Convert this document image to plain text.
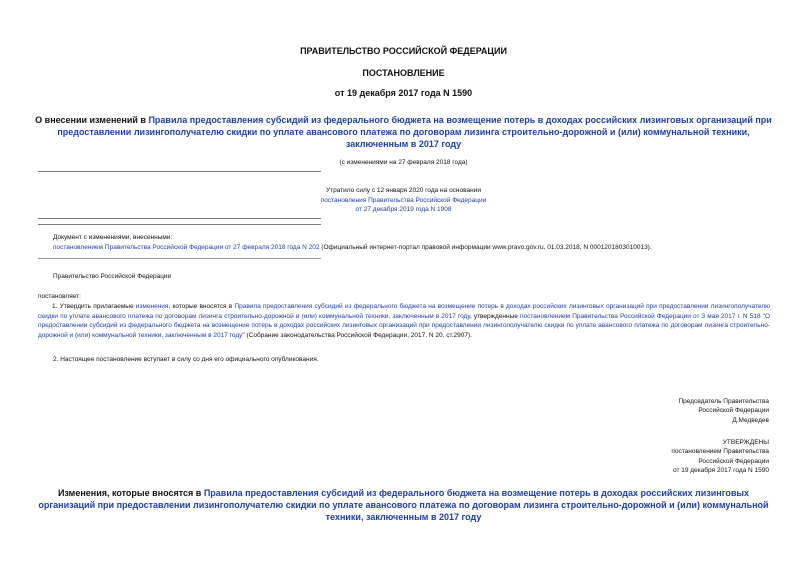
ПРАВИТЕЛЬСТВО РОССИЙСКОЙ ФЕДЕРАЦИИ
ПОСТАНОВЛЕНИЕ
от 19 декабря 2017 года N 1590
О внесении изменений в Правила предоставления субсидий из федерального бюджета на возмещение потерь в доходах российских лизинговых организаций при предоставлении лизингополучателю скидки по уплате авансового платежа по договорам лизинга строительно-дорожной и (или) коммунальной техники, заключенным в 2017 году
(с изменениями на 27 февраля 2018 года)
Утратило силу с 12 января 2020 года на основании
постановления Правительства Российской Федерации
от 27 декабря 2019 года N 1908
Документ с изменениями, внесенными:
постановлением Правительства Российской Федерации от 27 февраля 2018 года N 202 (Официальный интернет-портал правовой информации www.pravo.gov.ru, 01.03.2018, N 0001201803010013).
Правительство Российской Федерации
постановляет:
1. Утвердить прилагаемые изменения, которые вносятся в Правила предоставления субсидий из федерального бюджета на возмещение потерь в доходах российских лизинговых организаций при предоставлении лизингополучателю скидки по уплате авансового платежа по договорам лизинга строительно-дорожной и (или) коммунальной техники, заключенным в 2017 году, утвержденные постановлением Правительства Российской Федерации от 3 мая 2017 г. N 518 "О предоставлении субсидий из федерального бюджета на возмещение потерь в доходах российских лизинговых организаций при предоставлении лизингополучателю скидки по уплате авансового платежа по договорам лизинга строительно-дорожной и (или) коммунальной техники, заключенным в 2017 году" (Собрание законодательства Российской Федерации, 2017, N 20, ст.2907).
2. Настоящее постановление вступает в силу со дня его официального опубликования.
Председатель Правительства
Российской Федерации
Д.Медведев
УТВЕРЖДЕНЫ
постановлением Правительства
Российской Федерации
от 19 декабря 2017 года N 1590
Изменения, которые вносятся в Правила предоставления субсидий из федерального бюджета на возмещение потерь в доходах российских лизинговых организаций при предоставлении лизингополучателю скидки по уплате авансового платежа по договорам лизинга строительно-дорожной и (или) коммунальной техники, заключенным в 2017 году
